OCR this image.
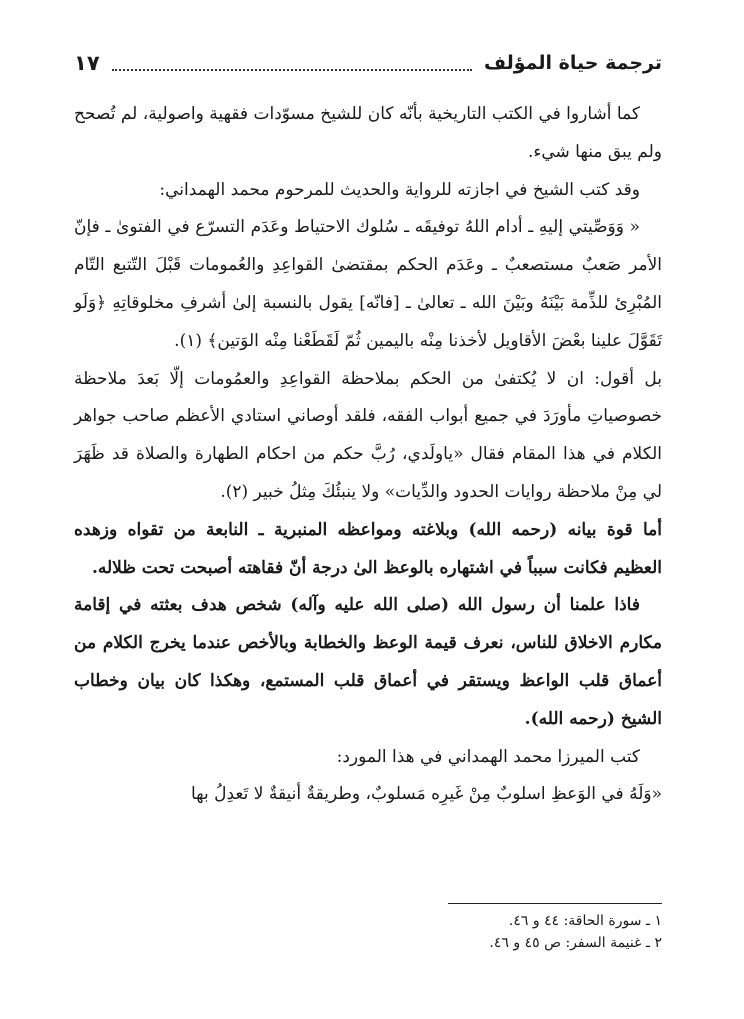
ترجمة حياة المؤلف
١٧

كما أشاروا في الكتب التاريخية بأنّه كان للشيخ مسوّدات فقهية واصولية، لم تُصحح ولم يبق منها شيء.

وقد كتب الشيخ في اجازته للرواية والحديث للمرحوم محمد الهمداني:

« وَوَصِّيتي إليهِ ـ أدام اللهُ توفيقَه ـ سُلوك الاحتياط وعَدَم التسرّع في الفتوىٰ ـ فإنّ الأمر صَعبٌ مستصعبٌ ـ وعَدَم الحكم بمقتضىٰ القواعِدِ والعُمومات قَبْلَ التّتبع التّام المُبْرِئ للذِّمة بَيْنَهُ وبَيْنَ الله ـ تعالىٰ ـ [فانّه] يقول بالنسبة إلىٰ أشرفِ مخلوقاتِهِ ﴿وَلَو تَقَوَّلَ علينا بعْضَ الأقاويل لأخذنا مِنْه باليمين ثُمّ لَقَطَعْنا مِنْه الوَتين﴾ (١).

بل أقول: ان لا يُكتفىٰ من الحكم بملاحظة القواعِدِ والعمُومات إلّا بَعدَ ملاحظة خصوصياتِ مأورَدَ في جميع أبواب الفقه، فلقد أوصاني استادي الأعظم صاحب جواهر الكلام في هذا المقام فقال «ياولَدي، رُبَّ حكم من احكام الطهارة والصلاة قد ظَهَرَ لي مِنْ ملاحظة روايات الحدود والدِّيات» ولا ينبئُكَ مِثلُ خبير (٢).

أما قوة بيانه (رحمه الله) وبلاغته ومواعظه المنبرية ـ النابعة من تقواه وزهده العظيم فكانت سبباً في اشتهاره بالوعظ الىٰ درجة أنّ فقاهته أصبحت تحت ظلاله.

فاذا علمنا أن رسول الله (صلى الله عليه وآله) شخص هدف بعثته في إقامة مكارم الاخلاق للناس، نعرف قيمة الوعظ والخطابة وبالأخص عندما يخرج الكلام من أعماق قلب الواعظ ويستقر في أعماق قلب المستمع، وهكذا كان بيان وخطاب الشيخ (رحمه الله).

كتب الميرزا محمد الهمداني في هذا المورد:

«وَلَهُ في الوَعظِ اسلوبٌ مِنْ غَيرِه مَسلوبٌ، وطريقةٌ أنيقةٌ لا تَعدِلُ بها

١ ـ سورة الحاقة: ٤٤ و ٤٦.
٢ ـ غنيمة السفر: ص ٤٥ و ٤٦.
